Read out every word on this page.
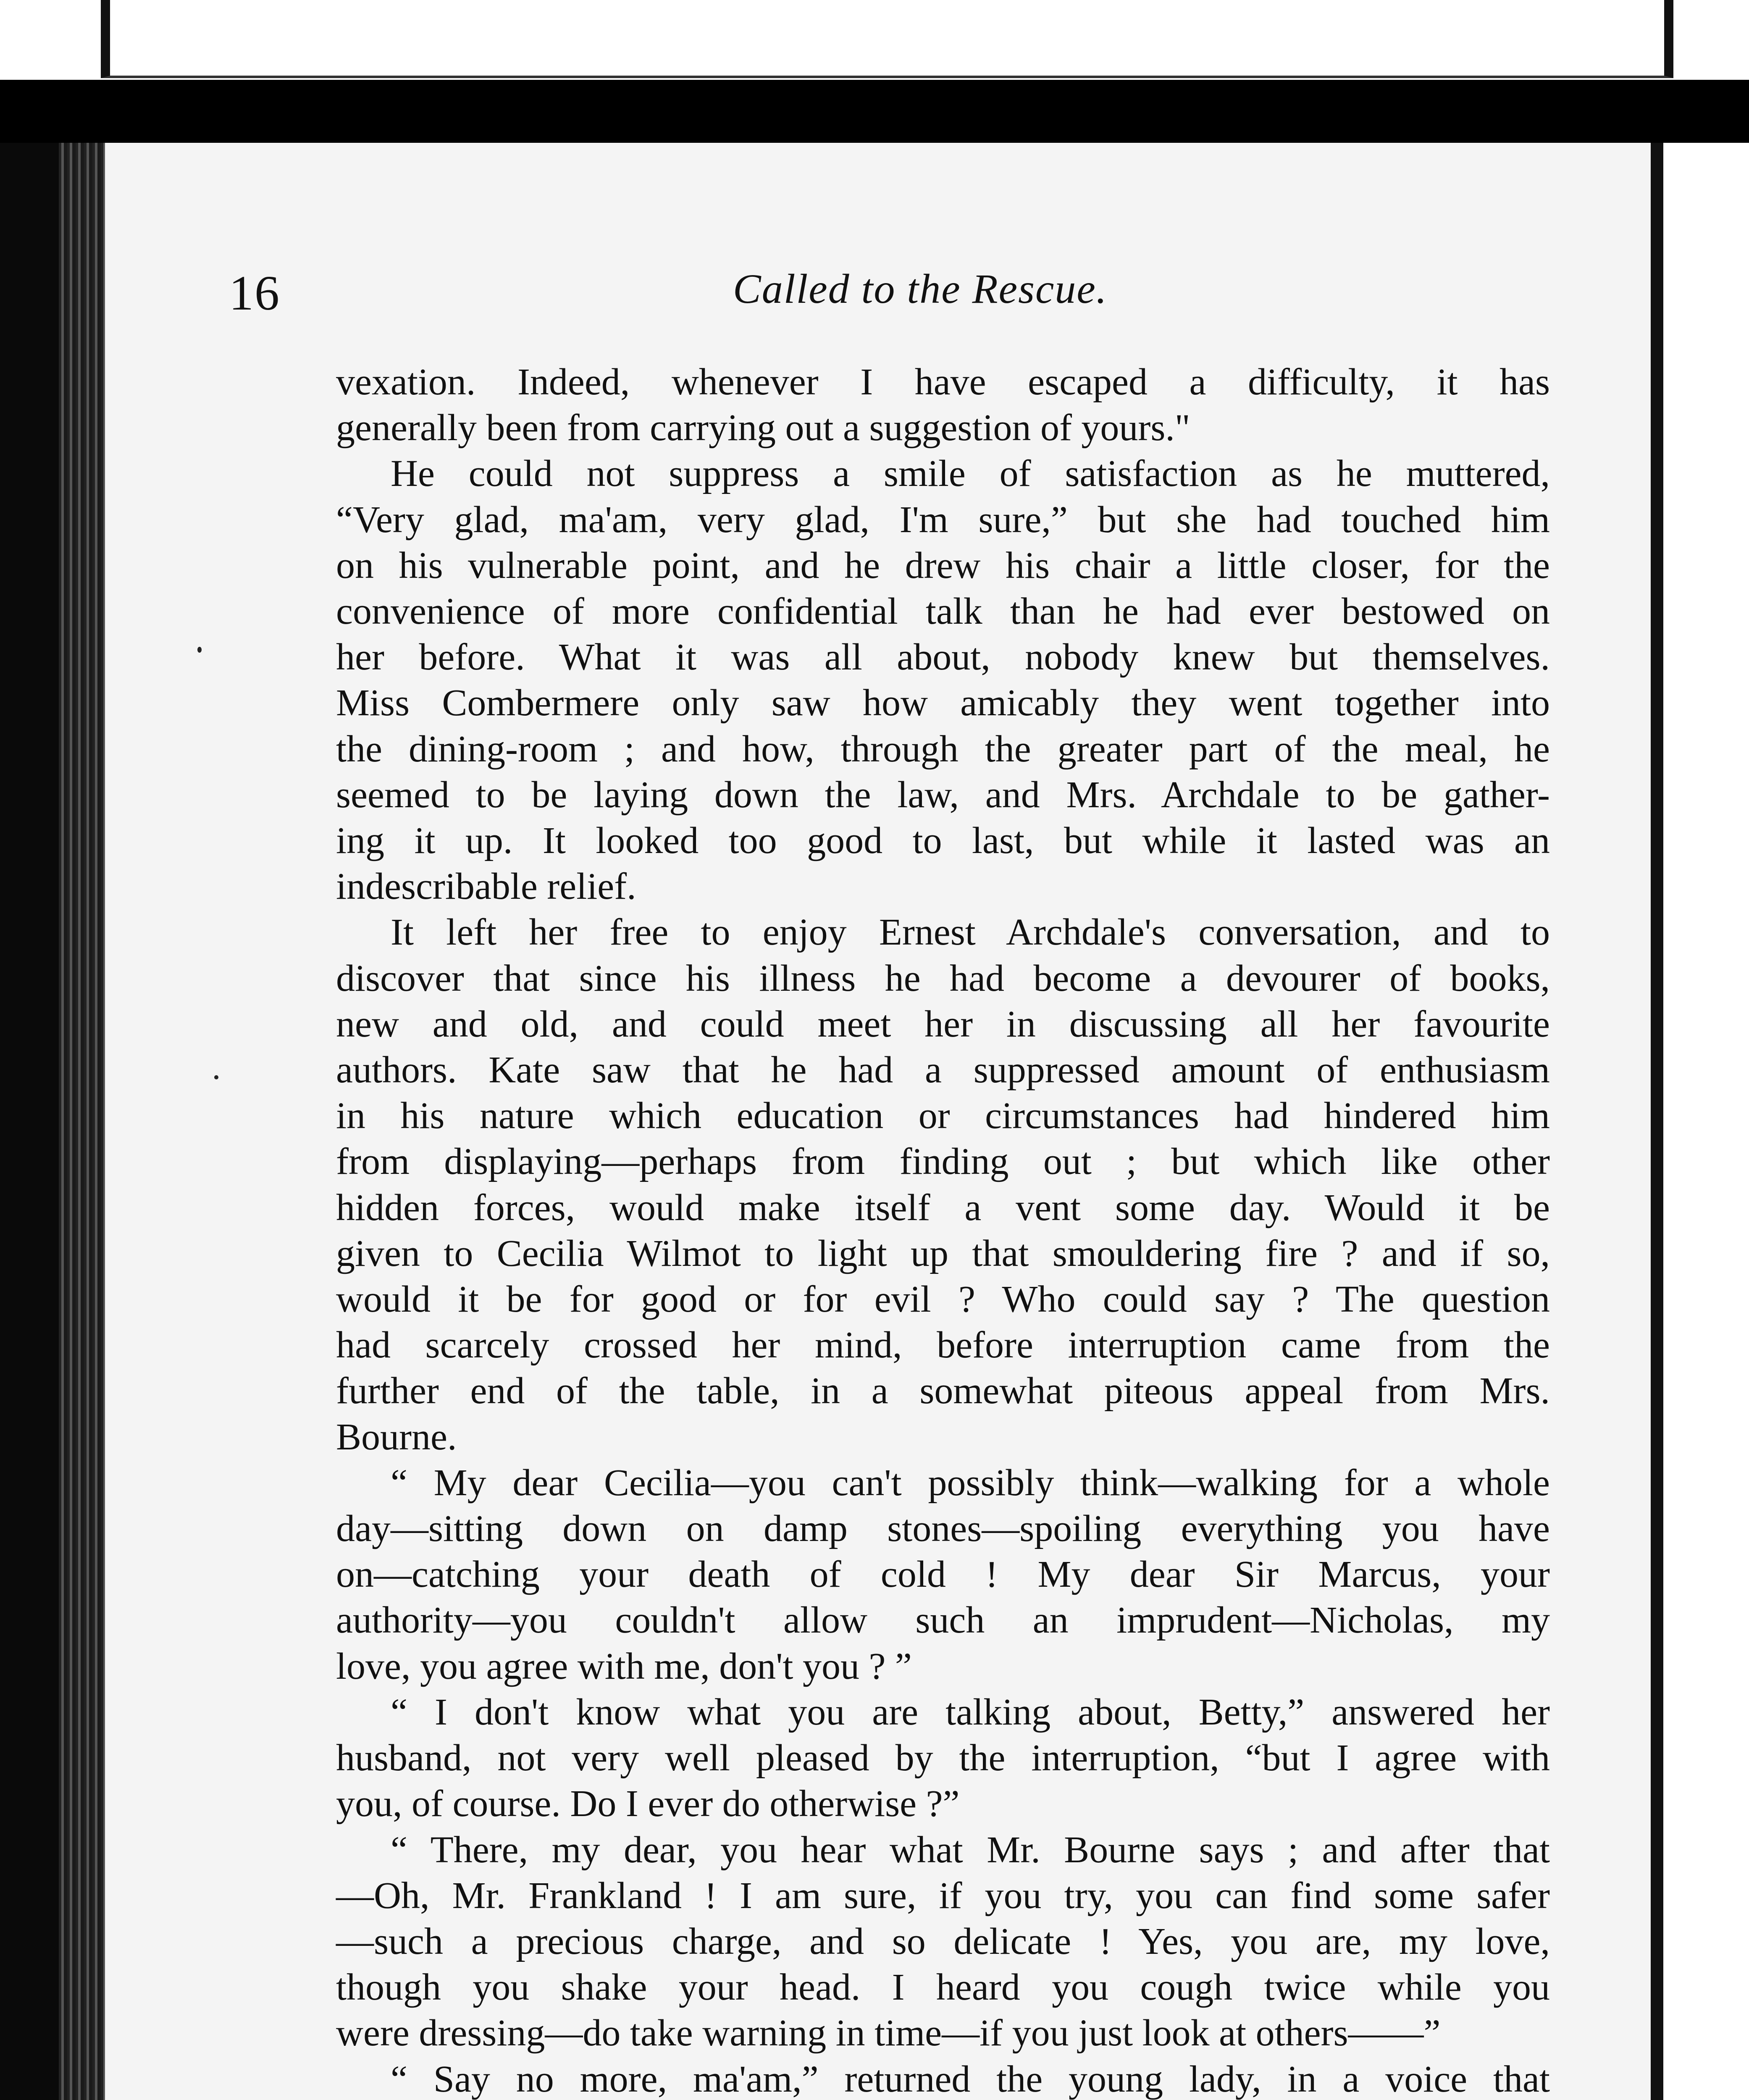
16	Called to the Rescue.

vexation. Indeed, whenever I have escaped a difficulty, it has
generally been from carrying out a suggestion of yours."

He could not suppress a smile of satisfaction as he muttered,
“Very glad, ma'am, very glad, I'm sure,” but she had touched him
on his vulnerable point, and he drew his chair a little closer, for the
convenience of more confidential talk than he had ever bestowed on
her before. What it was all about, nobody knew but themselves.
Miss Combermere only saw how amicably they went together into
the dining-room ; and how, through the greater part of the meal, he
seemed to be laying down the law, and Mrs. Archdale to be gather-
ing it up. It looked too good to last, but while it lasted was an
indescribable relief.

It left her free to enjoy Ernest Archdale's conversation, and to
discover that since his illness he had become a devourer of books,
new and old, and could meet her in discussing all her favourite
authors. Kate saw that he had a suppressed amount of enthusiasm
in his nature which education or circumstances had hindered him
from displaying—perhaps from finding out ; but which like other
hidden forces, would make itself a vent some day. Would it be
given to Cecilia Wilmot to light up that smouldering fire ? and if so,
would it be for good or for evil ? Who could say ? The question
had scarcely crossed her mind, before interruption came from the
further end of the table, in a somewhat piteous appeal from Mrs.
Bourne.

“ My dear Cecilia—you can't possibly think—walking for a whole
day—sitting down on damp stones—spoiling everything you have
on—catching your death of cold ! My dear Sir Marcus, your
authority—you couldn't allow such an imprudent—Nicholas, my
love, you agree with me, don't you ? ”

“ I don't know what you are talking about, Betty,” answered her
husband, not very well pleased by the interruption, “but I agree with
you, of course. Do I ever do otherwise ?”

“ There, my dear, you hear what Mr. Bourne says ; and after that
—Oh, Mr. Frankland ! I am sure, if you try, you can find some safer
—such a precious charge, and so delicate ! Yes, you are, my love,
though you shake your head. I heard you cough twice while you
were dressing—do take warning in time—if you just look at others——”

“ Say no more, ma'am,” returned the young lady, in a voice that
